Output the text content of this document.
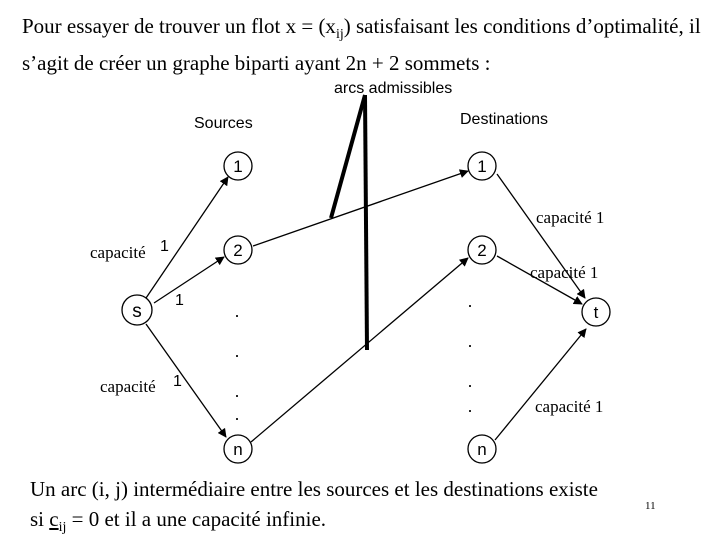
Pour essayer de trouver un flot $x = (x_{ij})$ satisfaisant les conditions d’optimalité, il s’agit de créer un graphe biparti ayant 2n + 2 sommets :

s
1
2
n
1
2
n
t
.
.
.
.
.
.
.
.
arcs admissibles
Sources	Destinations
capacité 1
1
capacité 1
capacité 1
capacité 1
capacité 1

Un arc (i, j) intermédiaire entre les sources et les destinations existe
si $c_{ij} = 0$ et il a une capacité infinie.

11
